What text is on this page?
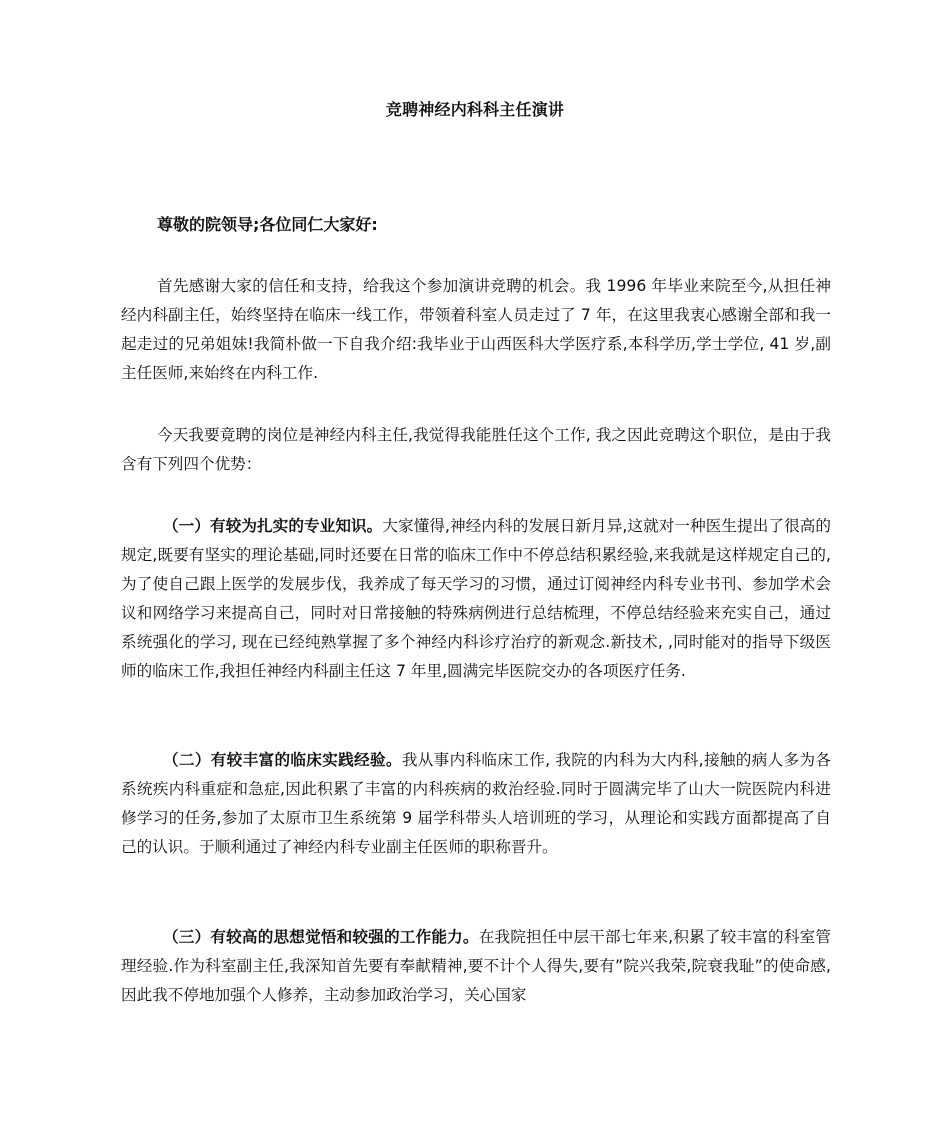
竞聘神经内科科主任演讲
尊敬的院领导;各位同仁大家好:

首先感谢大家的信任和支持，给我这个参加演讲竞聘的机会。我 1996 年毕业来院至今,从担任神经内科副主任，始终坚持在临床一线工作，带领着科室人员走过了 7 年，在这里我衷心感谢全部和我一起走过的兄弟姐妹!我简朴做一下自我介绍:我毕业于山西医科大学医疗系,本科学历,学士学位, 41 岁,副主任医师,来始终在内科工作.

今天我要竟聘的岗位是神经内科主任,我觉得我能胜任这个工作, 我之因此竞聘这个职位，是由于我含有下列四个优势：

（一）有较为扎实的专业知识。大家懂得,神经内科的发展日新月异,这就对一种医生提出了很高的规定,既要有坚实的理论基础,同时还要在日常的临床工作中不停总结积累经验,来我就是这样规定自己的,为了使自己跟上医学的发展步伐，我养成了每天学习的习惯，通过订阅神经内科专业书刊、参加学术会议和网络学习来提高自己，同时对日常接触的特殊病例进行总结梳理，不停总结经验来充实自己，通过系统强化的学习, 现在已经纯熟掌握了多个神经内科诊疗治疗的新观念.新技术, ,同时能对的指导下级医师的临床工作,我担任神经内科副主任这 7 年里,圆满完毕医院交办的各项医疗任务.

（二）有较丰富的临床实践经验。我从事内科临床工作, 我院的内科为大内科,接触的病人多为各系统疾内科重症和急症,因此积累了丰富的内科疾病的救治经验.同时于圆满完毕了山大一院医院内科进修学习的任务,参加了太原市卫生系统第 9 届学科带头人培训班的学习，从理论和实践方面都提高了自己的认识。于顺利通过了神经内科专业副主任医师的职称晋升。

（三）有较高的思想觉悟和较强的工作能力。在我院担任中层干部七年来,积累了较丰富的科室管理经验.作为科室副主任,我深知首先要有奉献精神,要不计个人得失,要有”院兴我荣,院衰我耻”的使命感,因此我不停地加强个人修养，主动参加政治学习，关心国家
